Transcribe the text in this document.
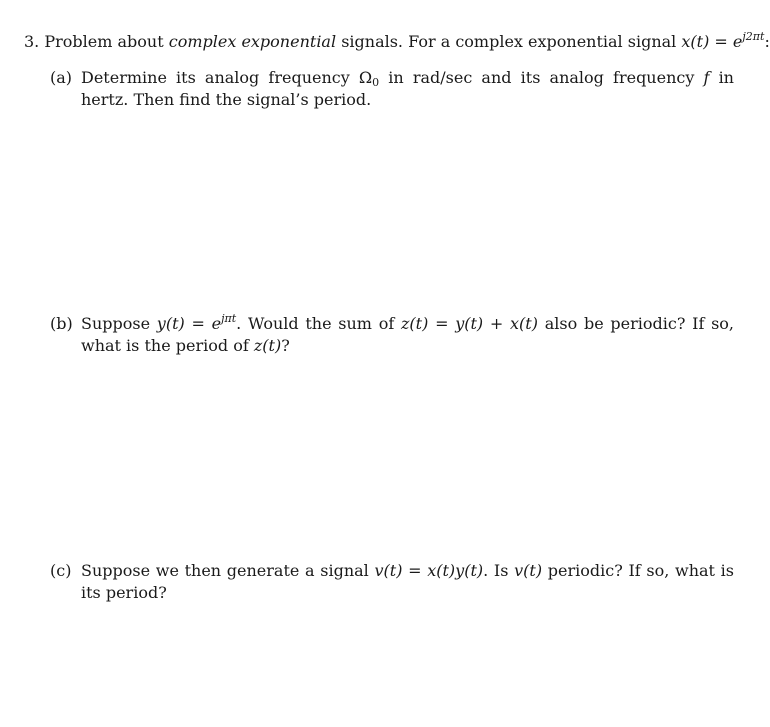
3. Problem about complex exponential signals. For a complex exponential signal $x(t) = e^{j2\pi t}$:
(a) Determine its analog frequency $\Omega_0$ in rad/sec and its analog frequency f in hertz. Then find the signal’s period.
(b) Suppose $y(t) = e^{j\pi t}$. Would the sum of z(t) = y(t) + x(t) also be periodic? If so, what is the period of z(t)?
(c) Suppose we then generate a signal v(t) = x(t)y(t). Is v(t) periodic? If so, what is its period?
